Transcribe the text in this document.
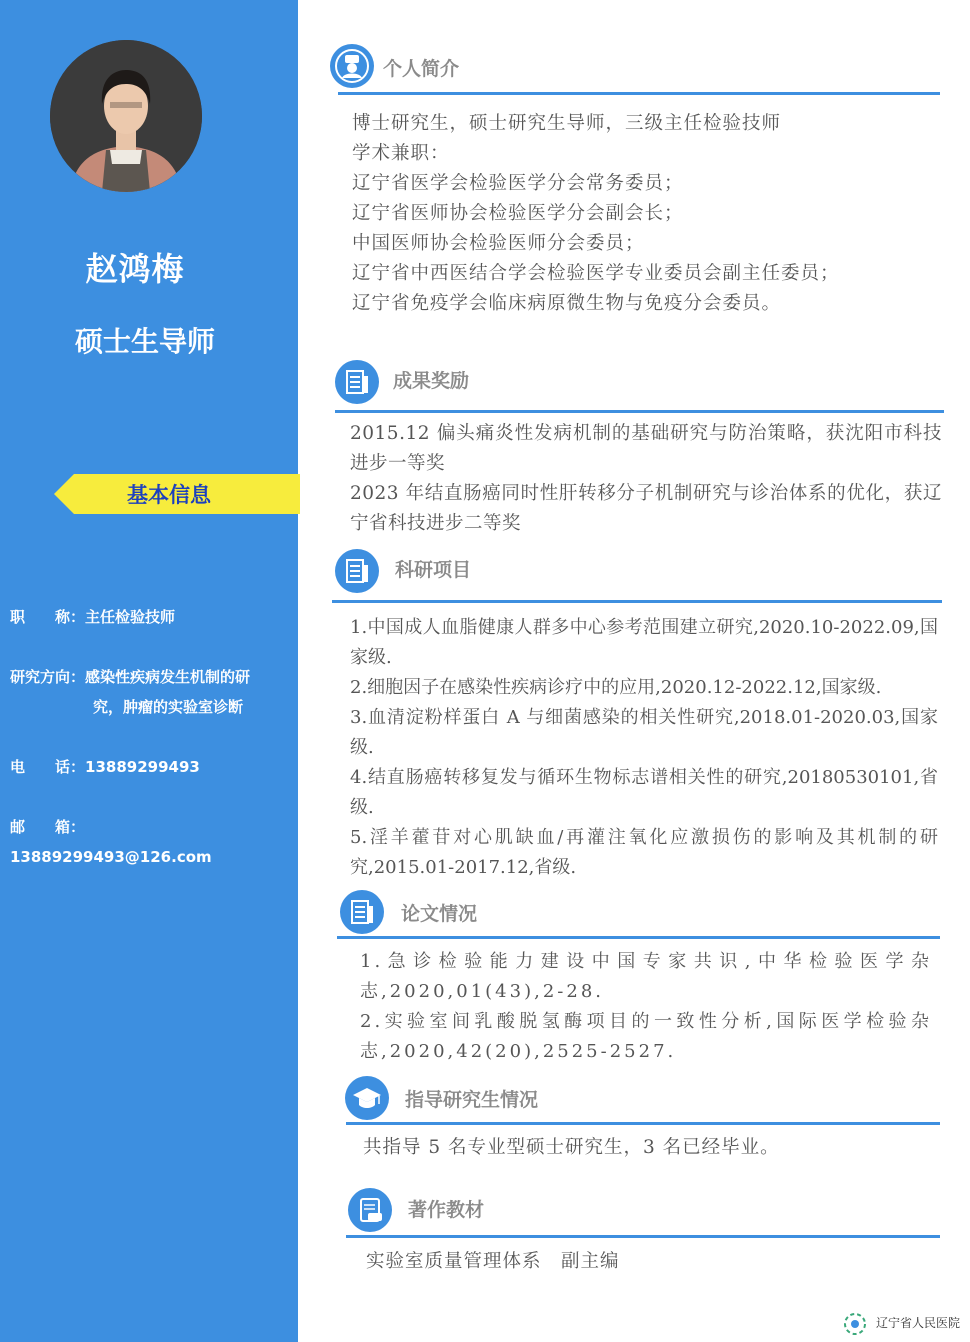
赵鸿梅
硕士生导师
基本信息
职　　称：主任检验技师
研究方向：感染性疾病发生机制的研
究，肿瘤的实验室诊断
电　　话：13889299493
邮　　箱：
13889299493@126.com
个人简介
博士研究生，硕士研究生导师，三级主任检验技师
学术兼职：
辽宁省医学会检验医学分会常务委员；
辽宁省医师协会检验医学分会副会长；
中国医师协会检验医师分会委员；
辽宁省中西医结合学会检验医学专业委员会副主任委员；
辽宁省免疫学会临床病原微生物与免疫分会委员。
成果奖励
2015.12 偏头痛炎性发病机制的基础研究与防治策略，获沈阳市科技进步一等奖
2023 年结直肠癌同时性肝转移分子机制研究与诊治体系的优化，获辽宁省科技进步二等奖
科研项目
1.中国成人血脂健康人群多中心参考范围建立研究,2020.10-2022.09,国家级.
2.细胞因子在感染性疾病诊疗中的应用,2020.12-2022.12,国家级.
3.血清淀粉样蛋白 A 与细菌感染的相关性研究,2018.01-2020.03,国家级.
4.结直肠癌转移复发与循环生物标志谱相关性的研究,20180530101,省级.
5.淫羊藿苷对心肌缺血/再灌注氧化应激损伤的影响及其机制的研究,2015.01-2017.12,省级.
论文情况
1.急诊检验能力建设中国专家共识,中华检验医学杂志,2020,01(43),2-28.
2.实验室间乳酸脱氢酶项目的一致性分析,国际医学检验杂志,2020,42(20),2525-2527.
指导研究生情况
共指导 5 名专业型硕士研究生，3 名已经毕业。
著作教材
实验室质量管理体系　副主编
辽宁省人民医院
